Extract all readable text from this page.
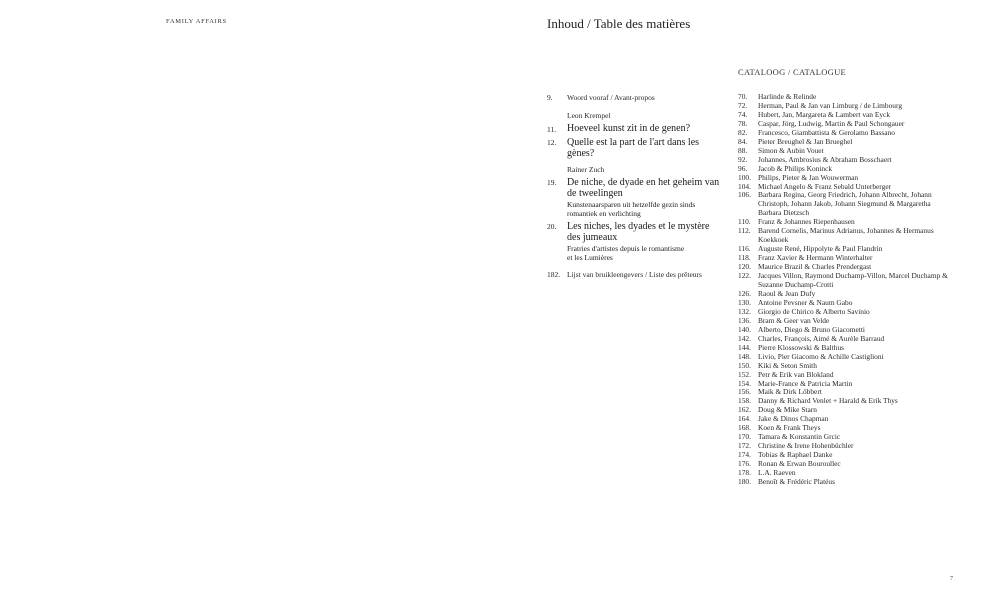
FAMILY AFFAIRS	Inhoud / Table des matières
CATALOOG / CATALOGUE
7
9.	Woord vooraf / Avant-propos
Leon Krempel
11.	Hoeveel kunst zit in de genen?
12.	Quelle est la part de l'art dans les gènes?
Rainer Zuch
19.	De niche, de dyade en het geheim van de tweelingen
Kunstenaarsparen uit hetzelfde gezin sinds romantiek en verlichting
20.	Les niches, les dyades et le mystère des jumeaux
Fratries d'artistes depuis le romantisme et les Lumières
182. Lijst van bruikleengevers / Liste des prêteurs
70.	Harlinde & Relinde
72.	Herman, Paul & Jan van Limburg / de Limbourg
74.	Hubert, Jan, Margareta & Lambert van Eyck
78.	Caspar, Jörg, Ludwig, Martin & Paul Schongauer
82.	Francesco, Giambattista & Gerolamo Bassano
84.	Pieter Breughel & Jan Brueghel
88.	Simon & Aubin Vouet
92.	Johannes, Ambrosius & Abraham Bosschaert
96.	Jacob & Philips Koninck
100. Philips, Pieter & Jan Wouwerman
104. Michael Angelo & Franz Sebald Unterberger
106. Barbara Regina, Georg Friedrich, Johann Albrecht, Johann Christoph, Johann Jakob, Johann Siegmund & Margaretha Barbara Dietzsch
110. Franz & Johannes Riepenhausen
112. Barend Cornelis, Marinus Adrianus, Johannes & Hermanus Koekkoek
116. Auguste René, Hippolyte & Paul Flandrin
118. Franz Xavier & Hermann Winterhalter
120. Maurice Brazil & Charles Prendergast
122. Jacques Villon, Raymond Duchamp-Villon, Marcel Duchamp & Suzanne Duchamp-Crotti
126. Raoul & Jean Dufy
130. Antoine Pevsner & Naum Gabo
132. Giorgio de Chirico & Alberto Savinio
136. Bram & Geer van Velde
140. Alberto, Diego & Bruno Giacometti
142. Charles, François, Aimé & Aurèle Barraud
144. Pierre Klossowski & Balthus
148. Livio, Pier Giacomo & Achille Castiglioni
150. Kiki & Seton Smith
152. Petr & Erik van Blokland
154. Marie-France & Patricia Martin
156. Maik & Dirk Löbbert
158. Danny & Richard Venlet + Harald & Erik Thys
162. Doug & Mike Starn
164. Jake & Dinos Chapman
168. Koen & Frank Theys
170. Tamara & Konstantin Grcic
172. Christine & Irene Hohenbüchler
174. Tobias & Raphael Danke
176. Ronan & Erwan Bouroullec
178. L.A. Raeven
180. Benoît & Frédéric Platéus
